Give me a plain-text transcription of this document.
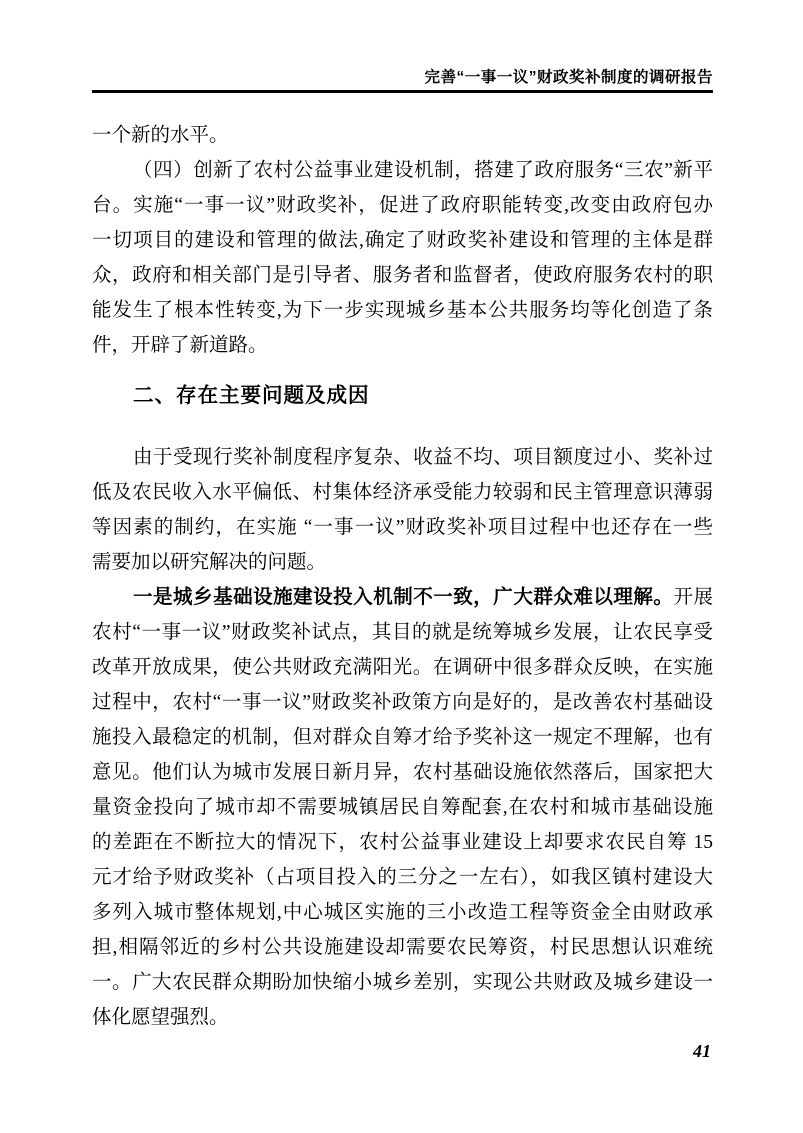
完善“一事一议”财政奖补制度的调研报告
一个新的水平。
（四）创新了农村公益事业建设机制，搭建了政府服务“三农”新平
台。实施“一事一议”财政奖补，促进了政府职能转变,改变由政府包办
一切项目的建设和管理的做法,确定了财政奖补建设和管理的主体是群
众，政府和相关部门是引导者、服务者和监督者，使政府服务农村的职
能发生了根本性转变,为下一步实现城乡基本公共服务均等化创造了条
件，开辟了新道路。
二、存在主要问题及成因
由于受现行奖补制度程序复杂、收益不均、项目额度过小、奖补过
低及农民收入水平偏低、村集体经济承受能力较弱和民主管理意识薄弱
等因素的制约，在实施 “一事一议”财政奖补项目过程中也还存在一些
需要加以研究解决的问题。
一是城乡基础设施建设投入机制不一致，广大群众难以理解。开展
农村“一事一议”财政奖补试点，其目的就是统筹城乡发展，让农民享受
改革开放成果，使公共财政充满阳光。在调研中很多群众反映，在实施
过程中，农村“一事一议”财政奖补政策方向是好的，是改善农村基础设
施投入最稳定的机制，但对群众自筹才给予奖补这一规定不理解，也有
意见。他们认为城市发展日新月异，农村基础设施依然落后，国家把大
量资金投向了城市却不需要城镇居民自筹配套,在农村和城市基础设施
的差距在不断拉大的情况下，农村公益事业建设上却要求农民自筹 15
元才给予财政奖补（占项目投入的三分之一左右），如我区镇村建设大
多列入城市整体规划,中心城区实施的三小改造工程等资金全由财政承
担,相隔邻近的乡村公共设施建设却需要农民筹资，村民思想认识难统
一。广大农民群众期盼加快缩小城乡差别，实现公共财政及城乡建设一
体化愿望强烈。
41
